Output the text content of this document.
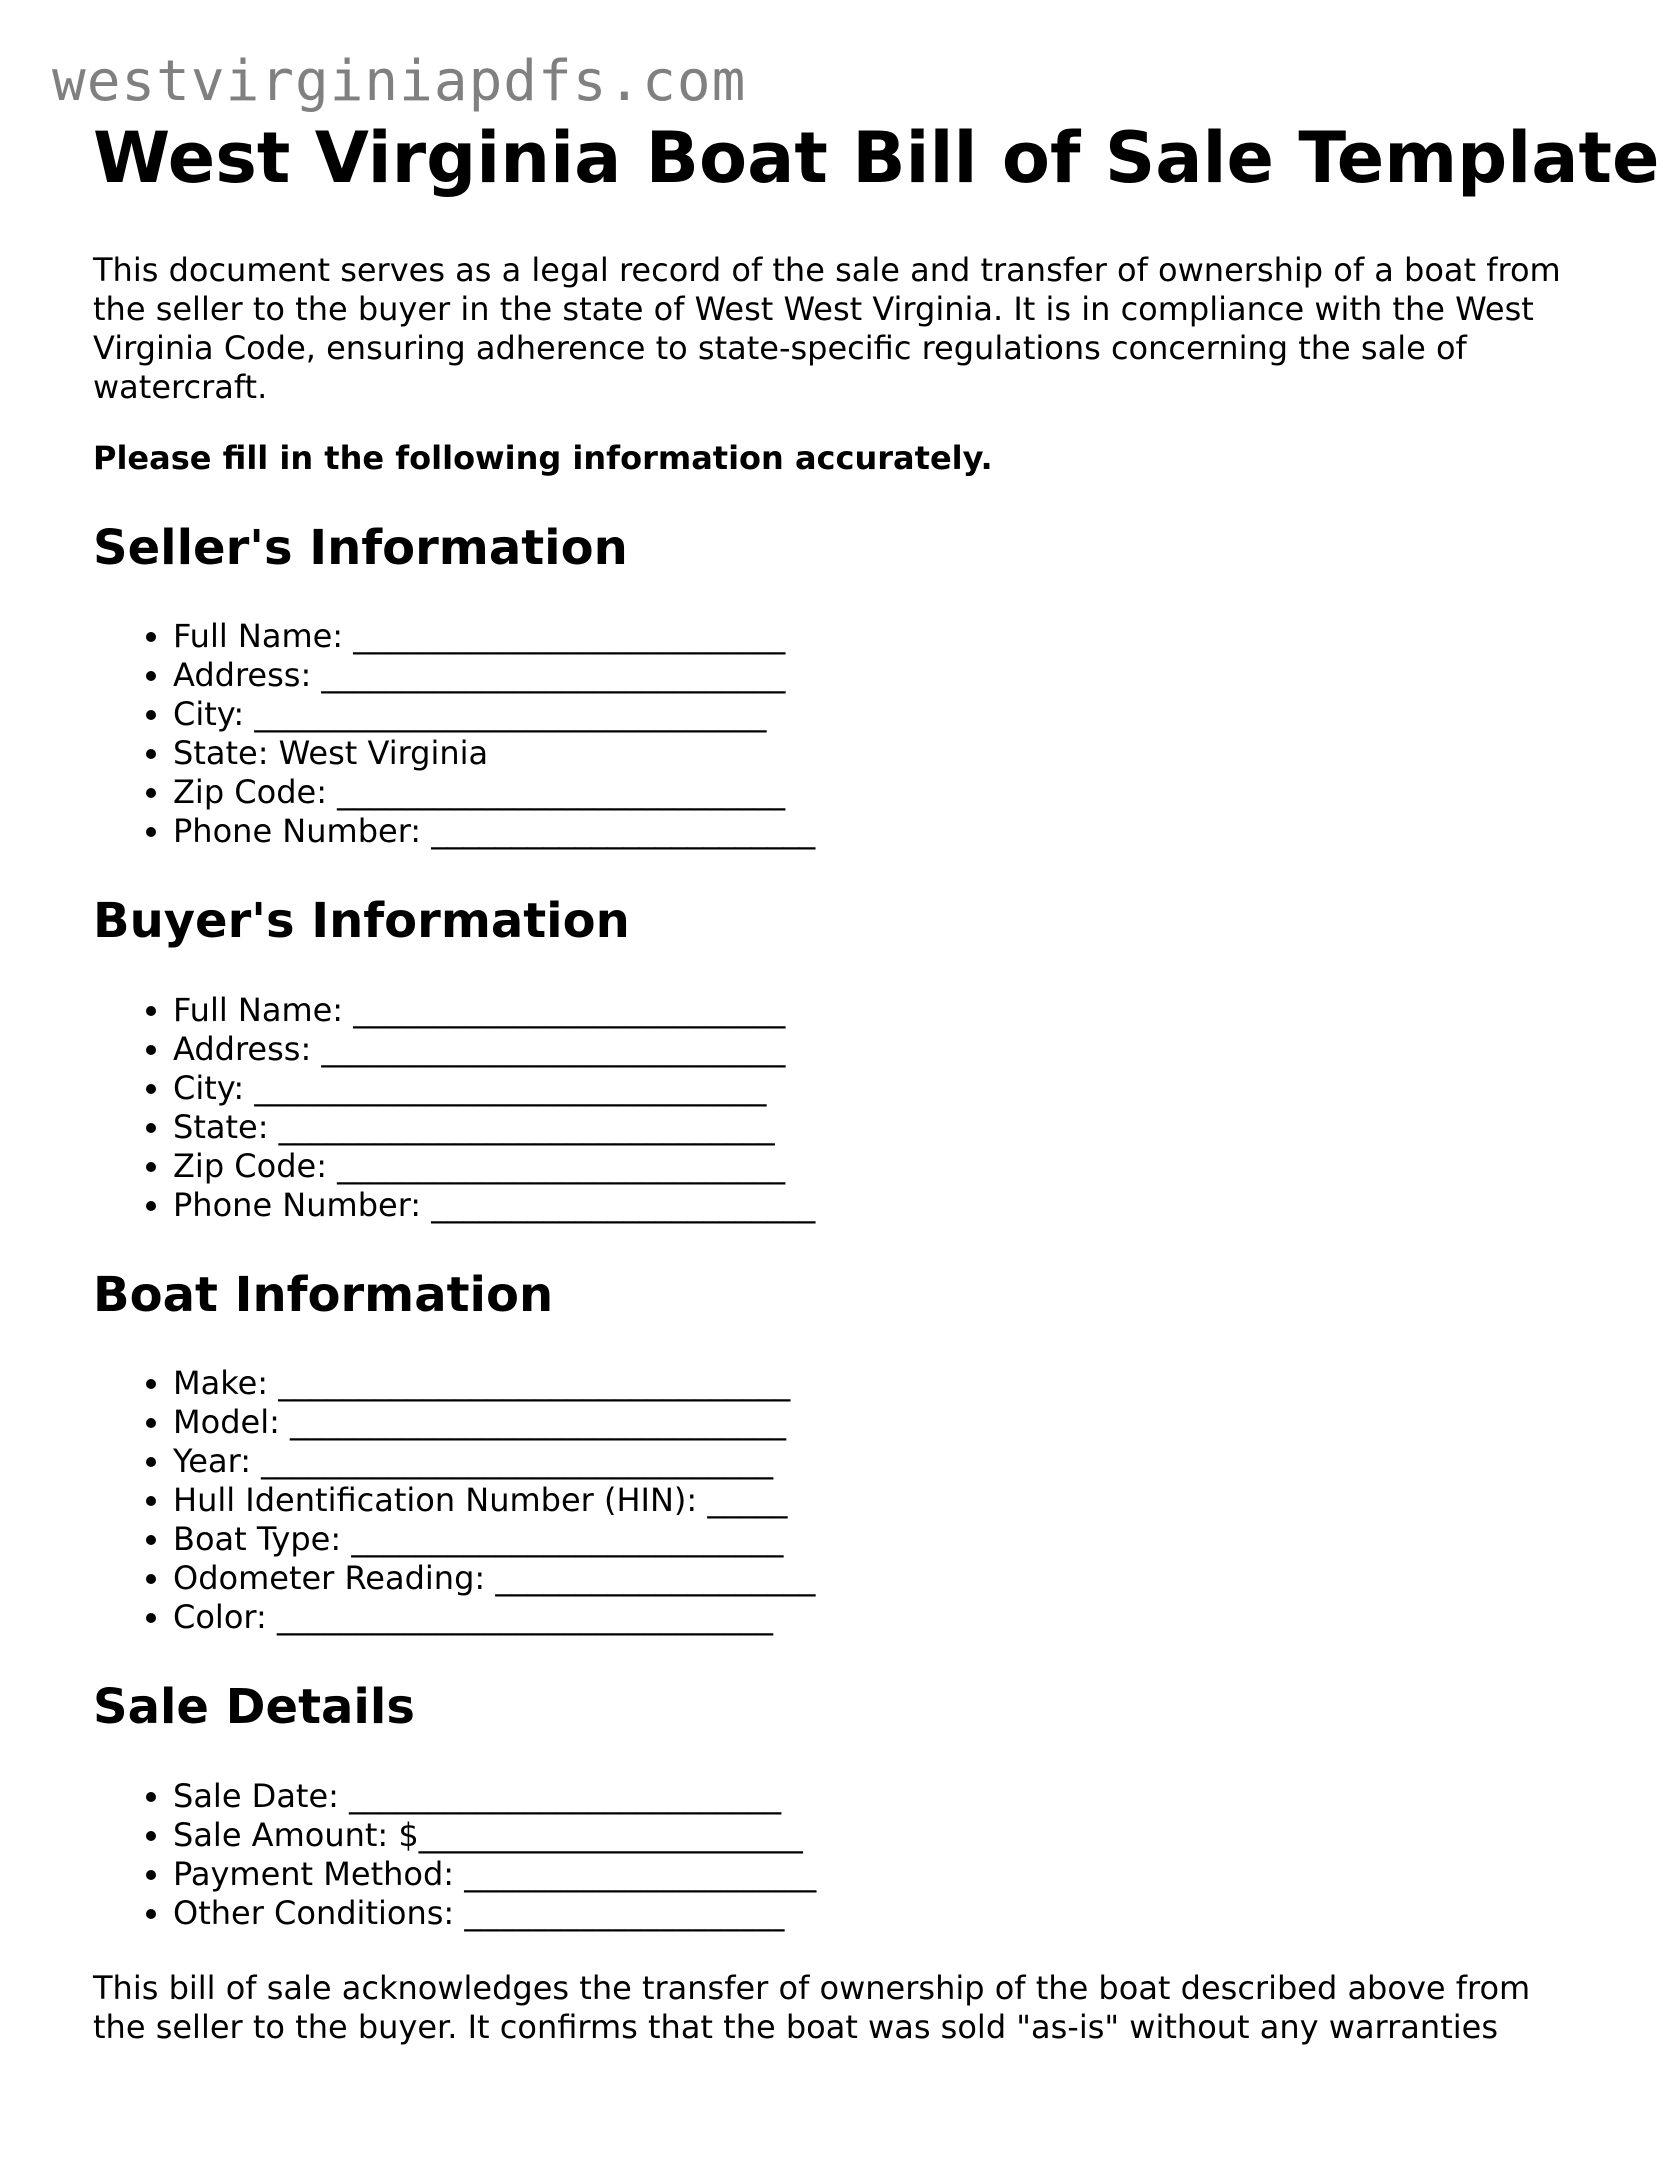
westvirginiapdfs.com
West Virginia Boat Bill of Sale Template

This document serves as a legal record of the sale and transfer of ownership of a boat from the seller to the buyer in the state of West West Virginia. It is in compliance with the West Virginia Code, ensuring adherence to state-specific regulations concerning the sale of watercraft.

Please fill in the following information accurately.

Seller's Information
• Full Name: ___________________________
• Address: _____________________________
• City: ________________________________
• State: West Virginia
• Zip Code: ____________________________
• Phone Number: ________________________
Buyer's Information
• Full Name: ___________________________
• Address: _____________________________
• City: ________________________________
• State: _______________________________
• Zip Code: ____________________________
• Phone Number: ________________________
Boat Information
• Make: ________________________________
• Model: _______________________________
• Year: ________________________________
• Hull Identification Number (HIN): _____
• Boat Type: ___________________________
• Odometer Reading: ____________________
• Color: _______________________________
Sale Details
• Sale Date: ___________________________
• Sale Amount: $________________________
• Payment Method: ______________________
• Other Conditions: ____________________

This bill of sale acknowledges the transfer of ownership of the boat described above from the seller to the buyer. It confirms that the boat was sold "as-is" without any warranties
